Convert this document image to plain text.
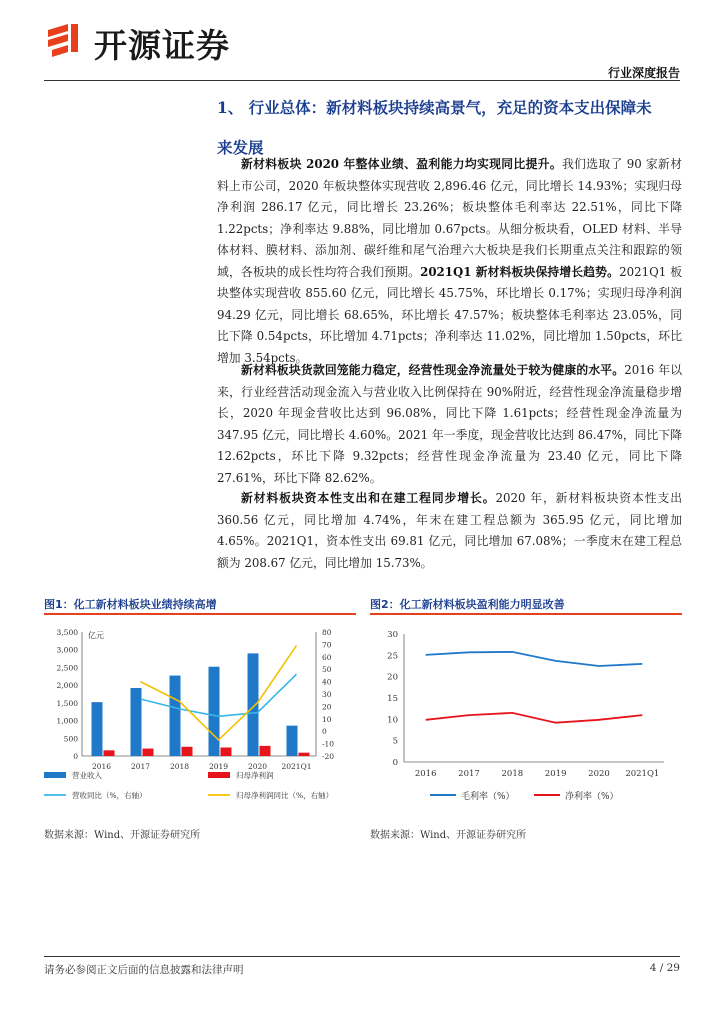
开源证券
行业深度报告
1、 行业总体：新材料板块持续高景气，充足的资本支出保障未
来发展
新材料板块 2020 年整体业绩、盈利能力均实现同比提升。我们选取了 90 家新材料上市公司，2020 年板块整体实现营收 2,896.46 亿元，同比增长 14.93%；实现归母净利润 286.17 亿元，同比增长 23.26%；板块整体毛利率达 22.51%，同比下降 1.22pcts；净利率达 9.88%，同比增加 0.67pcts。从细分板块看，OLED 材料、半导体材料、膜材料、添加剂、碳纤维和尾气治理六大板块是我们长期重点关注和跟踪的领域，各板块的成长性均符合我们预期。2021Q1 新材料板块保持增长趋势。2021Q1 板块整体实现营收 855.60 亿元，同比增长 45.75%，环比增长 0.17%；实现归母净利润 94.29 亿元，同比增长 68.65%，环比增长 47.57%；板块整体毛利率达 23.05%，同比下降 0.54pcts，环比增加 4.71pcts；净利率达 11.02%，同比增加 1.50pcts，环比增加 3.54pcts。
新材料板块货款回笼能力稳定，经营性现金净流量处于较为健康的水平。2016 年以来，行业经营活动现金流入与营业收入比例保持在 90%附近，经营性现金净流量稳步增长，2020 年现金营收比达到 96.08%，同比下降 1.61pcts；经营性现金净流量为 347.95 亿元，同比增长 4.60%。2021 年一季度，现金营收比达到 86.47%，同比下降 12.62pcts，环比下降 9.32pcts；经营性现金净流量为 23.40 亿元，同比下降 27.61%，环比下降 82.62%。
新材料板块资本性支出和在建工程同步增长。2020 年，新材料板块资本性支出 360.56 亿元，同比增加 4.74%，年末在建工程总额为 365.95 亿元，同比增加 4.65%。2021Q1，资本性支出 69.81 亿元，同比增加 67.08%；一季度末在建工程总额为 208.67 亿元，同比增加 15.73%。
图1：化工新材料板块业绩持续高增
亿元
0
500
1,000
1,500
2,000
2,500
3,000
3,500
-20
-10
0
10
20
30
40
50
60
70
80
2016	2017	2018	2019	2020 2021Q1
营业收入	归母净利润
营收同比（%，右轴）	归母净利润同比（%，右轴）
数据来源：Wind、开源证券研究所
图2：化工新材料板块盈利能力明显改善
0
5
10
15
20
25
30
2016	2017	2018	2019	2020 2021Q1
毛利率（%）	净利率（%）
数据来源：Wind、开源证券研究所
请务必参阅正文后面的信息披露和法律声明	4 / 29
